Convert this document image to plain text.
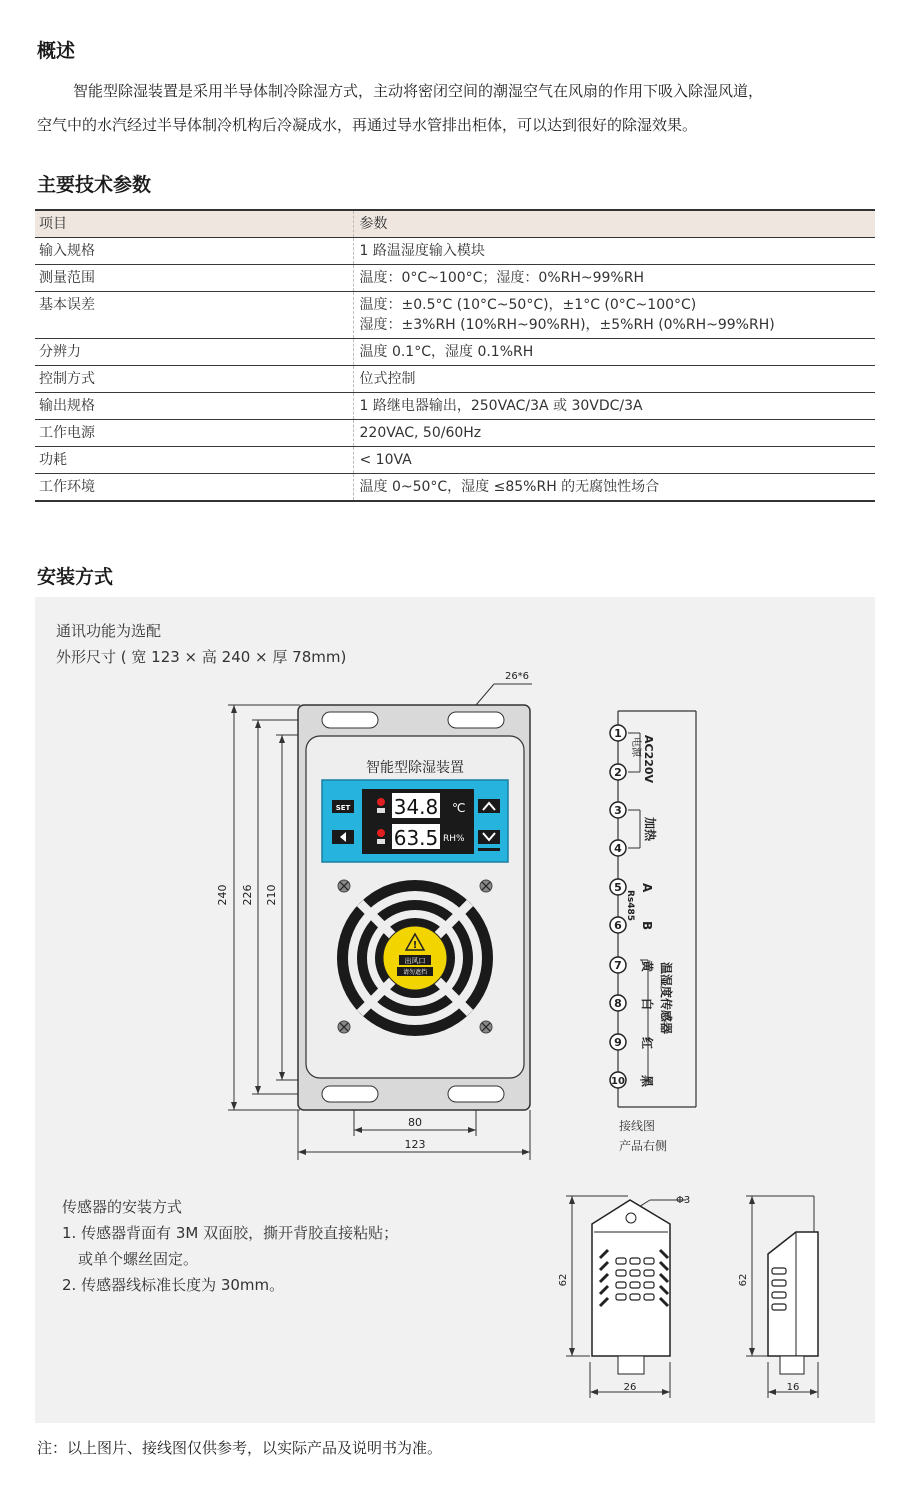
概述
智能型除湿装置是采用半导体制冷除湿方式，主动将密闭空间的潮湿空气在风扇的作用下吸入除湿风道，
空气中的水汽经过半导体制冷机构后冷凝成水，再通过导水管排出柜体，可以达到很好的除湿效果。
主要技术参数
项目	参数
输入规格	1 路温湿度输入模块
测量范围	温度：0°C~100°C；湿度：0%RH~99%RH
基本误差	温度：±0.5°C (10°C~50°C)，±1°C (0°C~100°C)
湿度：±3%RH (10%RH~90%RH)，±5%RH (0%RH~99%RH)

分辨力	温度 0.1°C，湿度 0.1%RH
控制方式	位式控制
输出规格	1 路继电器输出，250VAC/3A 或 30VDC/3A
工作电源	220VAC, 50/60Hz
功耗	< 10VA
工作环境	温度 0~50°C，湿度 ≤85%RH 的无腐蚀性场合
安装方式
通讯功能为选配
外形尺寸 ( 宽 123 × 高 240 × 厚 78mm)
26*6
240 226 210
80
123
智能型除湿装置
SET 34.8 ℃
63.5 RH%
!
出风口
请勿遮挡
1
2
3
4
5
6
7
8
9
10
AC220V
电源
加热
A
Rs485
B
黄
白
红
黑
温湿度传感器
接线图
产品右侧
Φ3
62
26
62
16
传感器的安装方式
1. 传感器背面有 3M 双面胶，撕开背胶直接粘贴；
或单个螺丝固定。
2. 传感器线标准长度为 30mm。
注：以上图片、接线图仅供参考，以实际产品及说明书为准。
